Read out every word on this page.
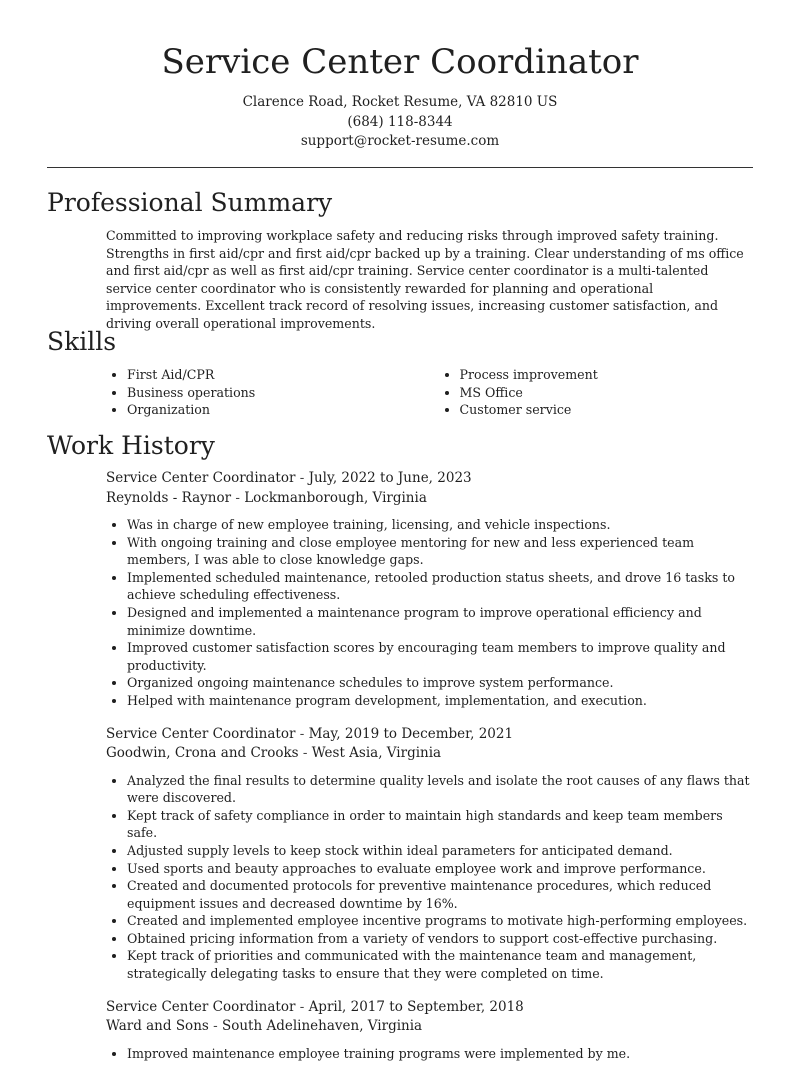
Service Center Coordinator
Clarence Road, Rocket Resume, VA 82810 US
(684) 118-8344
support@rocket-resume.com
Professional Summary

Committed to improving workplace safety and reducing risks through improved safety training. Strengths in first aid/cpr and first aid/cpr backed up by a training. Clear understanding of ms office and first aid/cpr as well as first aid/cpr training. Service center coordinator is a multi-talented service center coordinator who is consistently rewarded for planning and operational improvements. Excellent track record of resolving issues, increasing customer satisfaction, and driving overall operational improvements.

Skills
• First Aid/CPR
• Business operations
• Organization
• Process improvement
• MS Office
• Customer service
Work History

Service Center Coordinator - July, 2022 to June, 2023

Reynolds - Raynor - Lockmanborough, Virginia

• Was in charge of new employee training, licensing, and vehicle inspections.
• With ongoing training and close employee mentoring for new and less experienced team members, I was able to close knowledge gaps.
• Implemented scheduled maintenance, retooled production status sheets, and drove 16 tasks to achieve scheduling effectiveness.
• Designed and implemented a maintenance program to improve operational efficiency and minimize downtime.
• Improved customer satisfaction scores by encouraging team members to improve quality and productivity.
• Organized ongoing maintenance schedules to improve system performance.
• Helped with maintenance program development, implementation, and execution.

Service Center Coordinator - May, 2019 to December, 2021

Goodwin, Crona and Crooks - West Asia, Virginia

• Analyzed the final results to determine quality levels and isolate the root causes of any flaws that were discovered.
• Kept track of safety compliance in order to maintain high standards and keep team members safe.
• Adjusted supply levels to keep stock within ideal parameters for anticipated demand.
• Used sports and beauty approaches to evaluate employee work and improve performance.
• Created and documented protocols for preventive maintenance procedures, which reduced equipment issues and decreased downtime by 16%.
• Created and implemented employee incentive programs to motivate high-performing employees.
• Obtained pricing information from a variety of vendors to support cost-effective purchasing.
• Kept track of priorities and communicated with the maintenance team and management, strategically delegating tasks to ensure that they were completed on time.

Service Center Coordinator - April, 2017 to September, 2018

Ward and Sons - South Adelinehaven, Virginia

• Improved maintenance employee training programs were implemented by me.
